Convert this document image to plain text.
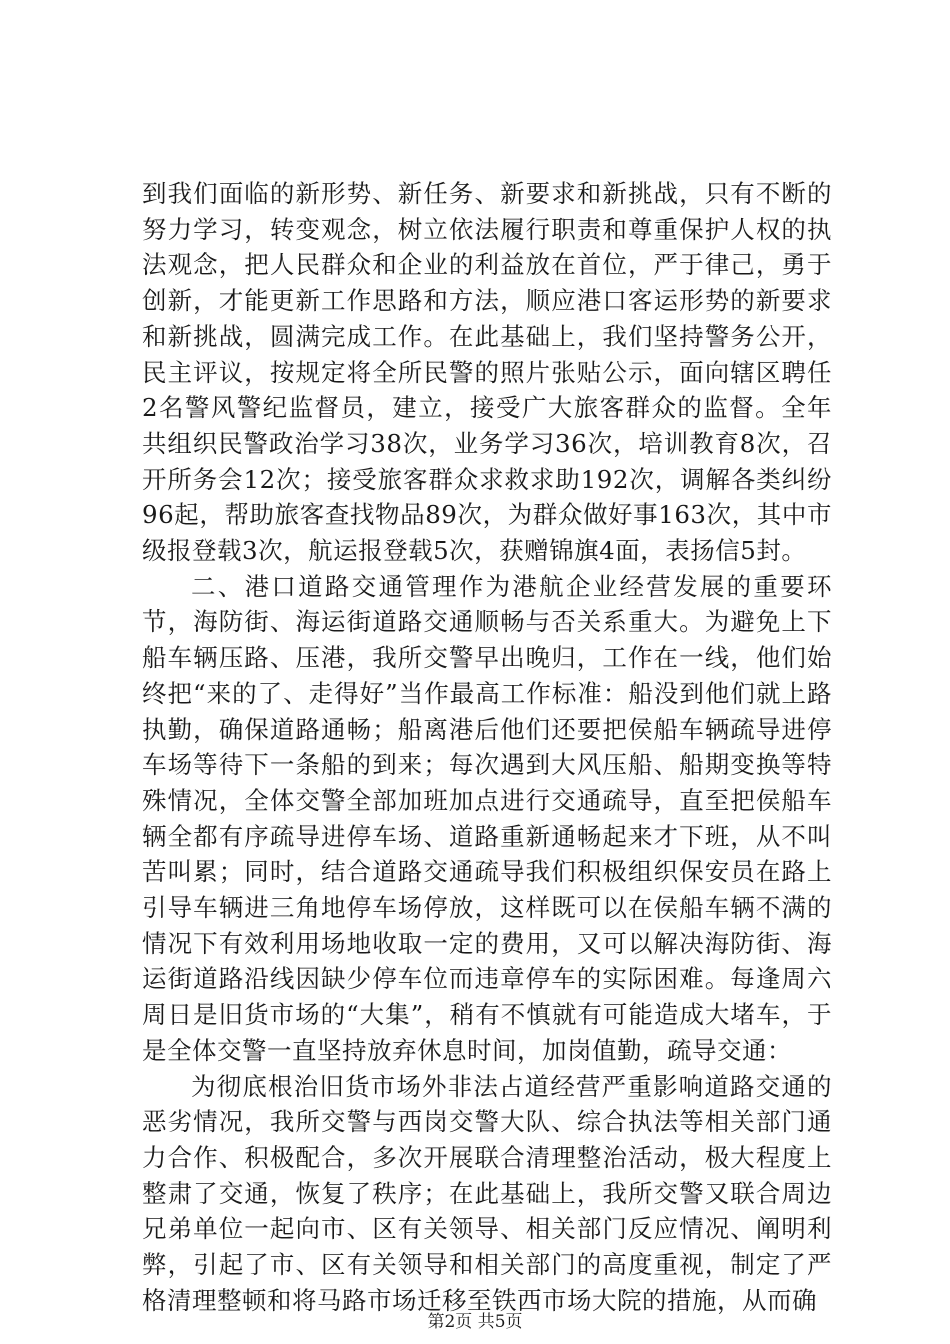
到我们面临的新形势、新任务、新要求和新挑战，只有不断的努力学习，转变观念，树立依法履行职责和尊重保护人权的执法观念，把人民群众和企业的利益放在首位，严于律己，勇于创新，才能更新工作思路和方法，顺应港口客运形势的新要求和新挑战，圆满完成工作。在此基础上，我们坚持警务公开，民主评议，按规定将全所民警的照片张贴公示，面向辖区聘任2名警风警纪监督员，建立，接受广大旅客群众的监督。全年共组织民警政治学习38次，业务学习36次，培训教育8次，召开所务会12次；接受旅客群众求救求助192次，调解各类纠纷96起，帮助旅客查找物品89次，为群众做好事163次，其中市级报登载3次，航运报登载5次，获赠锦旗4面，表扬信5封。

二、港口道路交通管理作为港航企业经营发展的重要环节，海防街、海运街道路交通顺畅与否关系重大。为避免上下船车辆压路、压港，我所交警早出晚归，工作在一线，他们始终把“来的了、走得好”当作最高工作标准：船没到他们就上路执勤，确保道路通畅；船离港后他们还要把侯船车辆疏导进停车场等待下一条船的到来；每次遇到大风压船、船期变换等特殊情况，全体交警全部加班加点进行交通疏导，直至把侯船车辆全都有序疏导进停车场、道路重新通畅起来才下班，从不叫苦叫累；同时，结合道路交通疏导我们积极组织保安员在路上引导车辆进三角地停车场停放，这样既可以在侯船车辆不满的情况下有效利用场地收取一定的费用，又可以解决海防街、海运街道路沿线因缺少停车位而违章停车的实际困难。每逢周六周日是旧货市场的“大集”，稍有不慎就有可能造成大堵车，于是全体交警一直坚持放弃休息时间，加岗值勤，疏导交通：

为彻底根治旧货市场外非法占道经营严重影响道路交通的恶劣情况，我所交警与西岗交警大队、综合执法等相关部门通力合作、积极配合，多次开展联合清理整治活动，极大程度上整肃了交通，恢复了秩序；在此基础上，我所交警又联合周边兄弟单位一起向市、区有关领导、相关部门反应情况、阐明利弊，引起了市、区有关领导和相关部门的高度重视，制定了严格清理整顿和将马路市场迁移至铁西市场大院的措施，从而确

第2页 共5页
